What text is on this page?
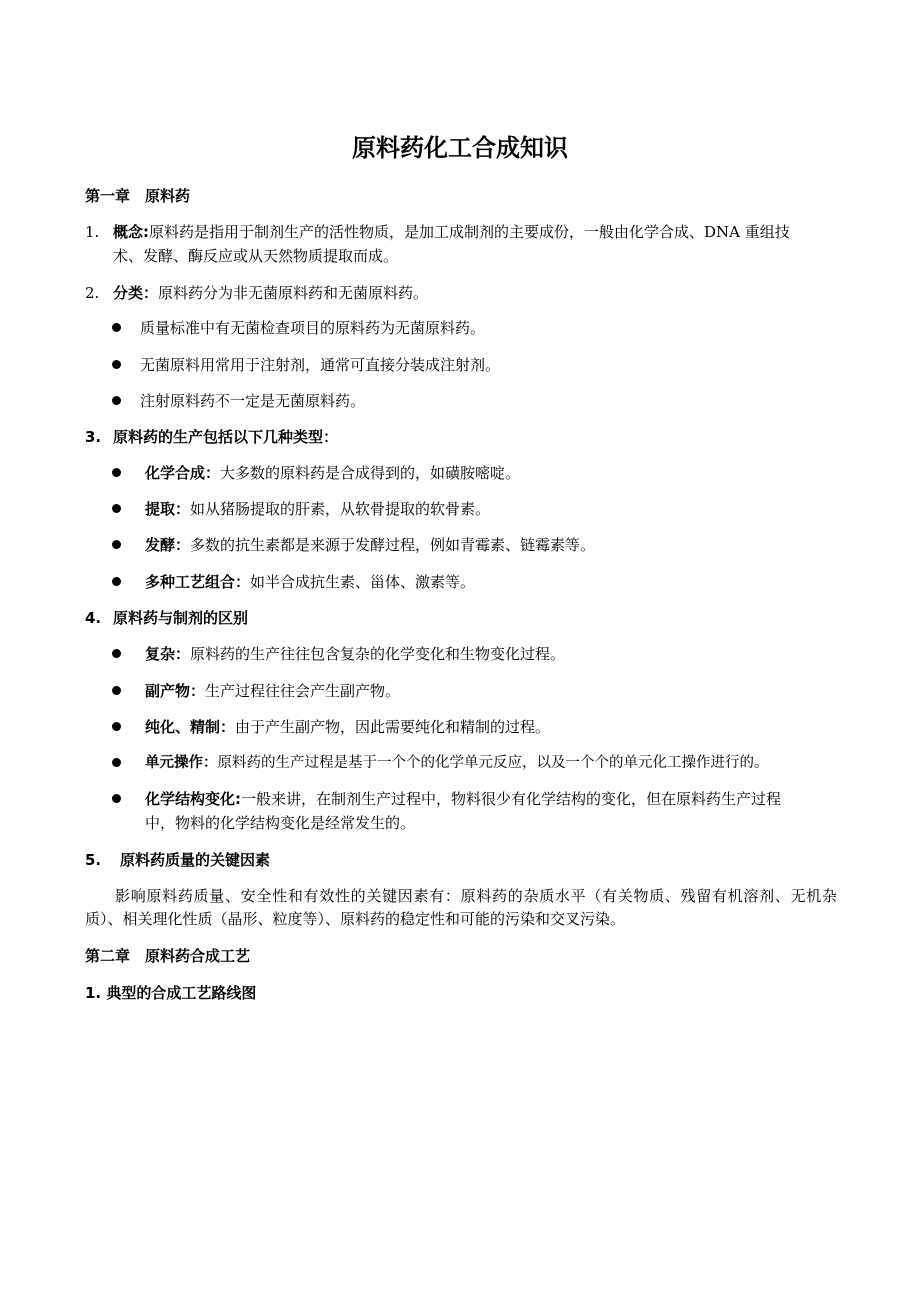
原料药化工合成知识
第一章　原料药
1. 概念:原料药是指用于制剂生产的活性物质，是加工成制剂的主要成份，一般由化学合成、DNA 重组技
术、发酵、酶反应或从天然物质提取而成。
2. 分类：原料药分为非无菌原料药和无菌原料药。
质量标准中有无菌检查项目的原料药为无菌原料药。
无菌原料用常用于注射剂，通常可直接分装成注射剂。
注射原料药不一定是无菌原料药。
3. 原料药的生产包括以下几种类型：
化学合成：大多数的原料药是合成得到的，如磺胺嘧啶。
提取：如从猪肠提取的肝素，从软骨提取的软骨素。
发酵：多数的抗生素都是来源于发酵过程，例如青霉素、链霉素等。
多种工艺组合：如半合成抗生素、甾体、激素等。
4. 原料药与制剂的区别
复杂：原料药的生产往往包含复杂的化学变化和生物变化过程。
副产物：生产过程往往会产生副产物。
纯化、精制：由于产生副产物，因此需要纯化和精制的过程。
单元操作：原料药的生产过程是基于一个个的化学单元反应，以及一个个的单元化工操作进行的。
化学结构变化:一般来讲，在制剂生产过程中，物料很少有化学结构的变化，但在原料药生产过程
中，物料的化学结构变化是经常发生的。
5. 原料药质量的关键因素
影响原料药质量、安全性和有效性的关键因素有：原料药的杂质水平（有关物质、残留有机溶剂、无机杂质）、相关理化性质（晶形、粒度等）、原料药的稳定性和可能的污染和交叉污染。
第二章　原料药合成工艺
1. 典型的合成工艺路线图
